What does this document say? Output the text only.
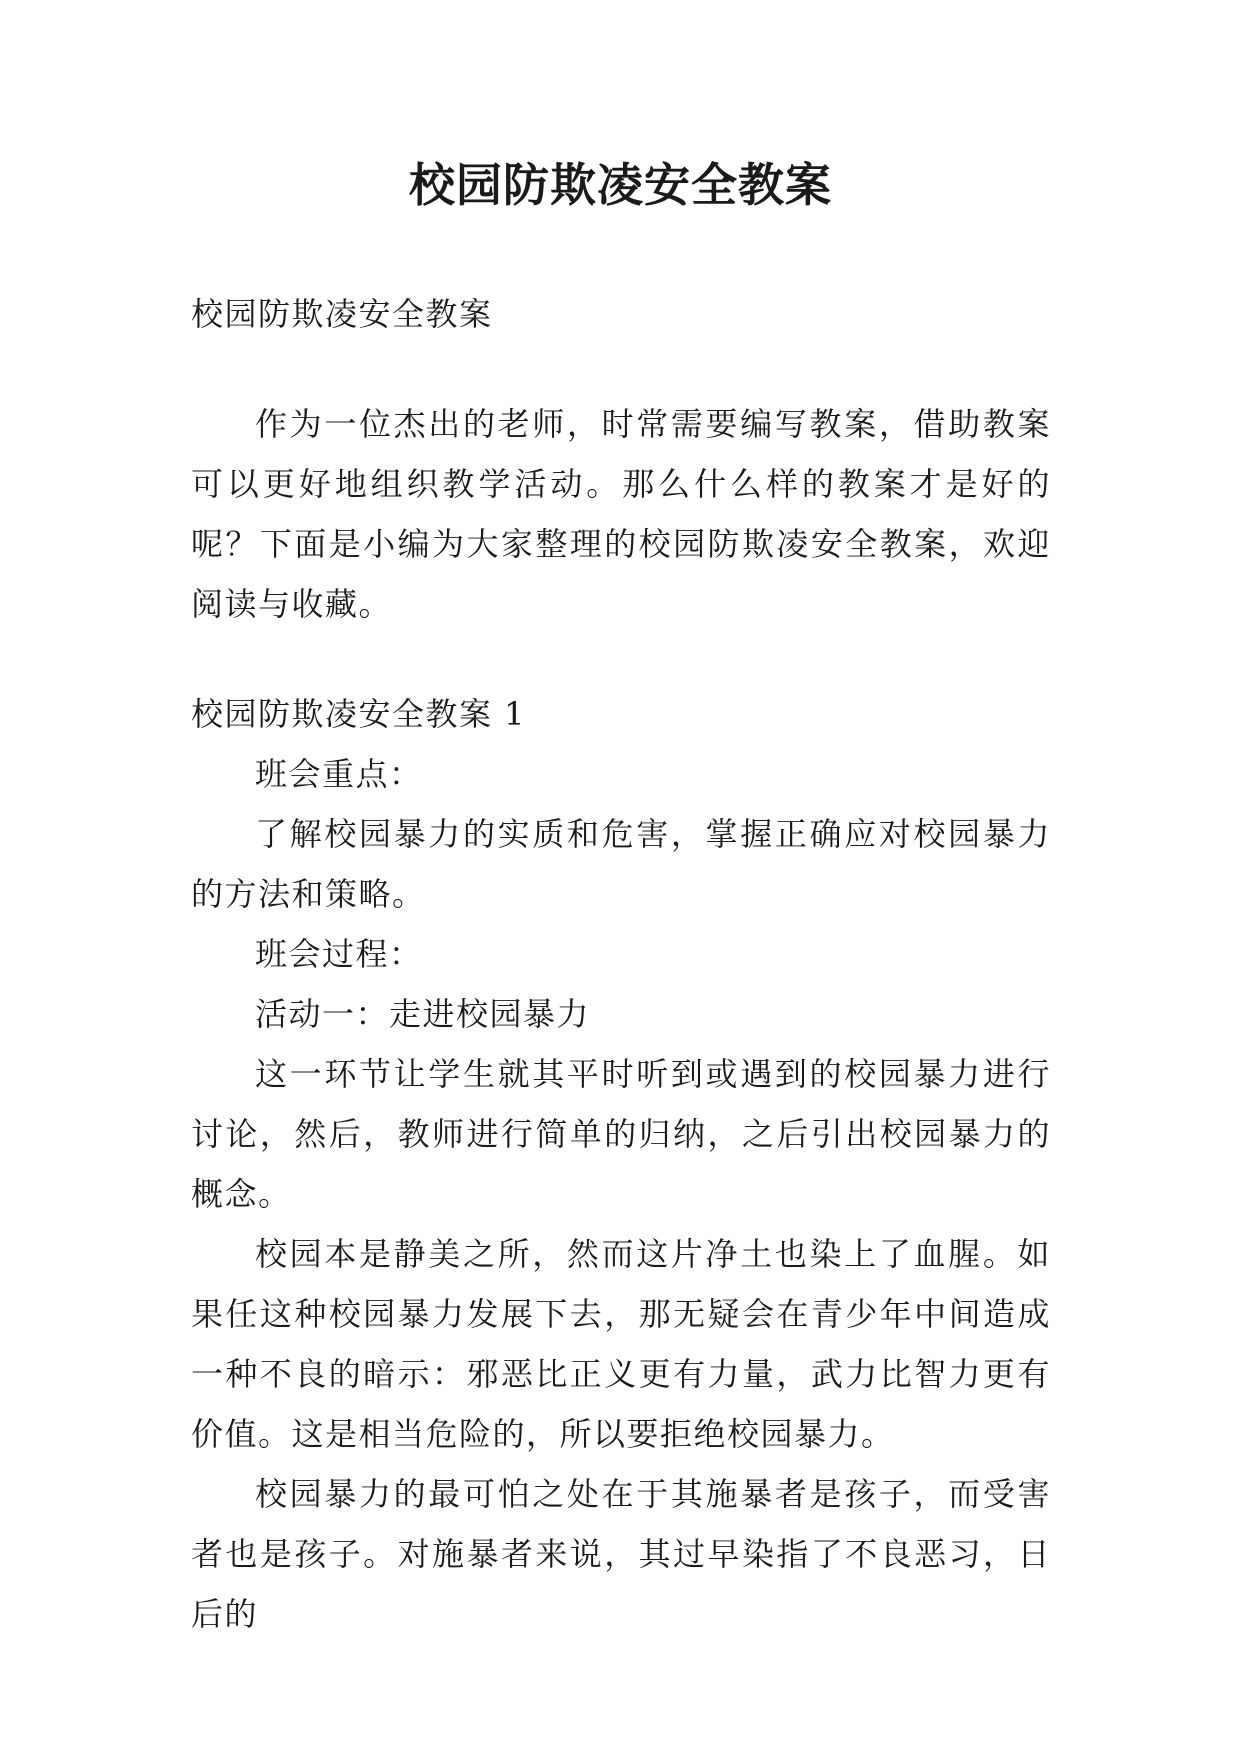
校园防欺凌安全教案

校园防欺凌安全教案

作为一位杰出的老师，时常需要编写教案，借助教案可以更好地组织教学活动。那么什么样的教案才是好的呢？下面是小编为大家整理的校园防欺凌安全教案，欢迎阅读与收藏。

校园防欺凌安全教案 1

班会重点：

了解校园暴力的实质和危害，掌握正确应对校园暴力的方法和策略。

班会过程：

活动一：走进校园暴力

这一环节让学生就其平时听到或遇到的校园暴力进行讨论，然后，教师进行简单的归纳，之后引出校园暴力的概念。

校园本是静美之所，然而这片净土也染上了血腥。如果任这种校园暴力发展下去，那无疑会在青少年中间造成一种不良的暗示：邪恶比正义更有力量，武力比智力更有价值。这是相当危险的，所以要拒绝校园暴力。

校园暴力的最可怕之处在于其施暴者是孩子，而受害者也是孩子。对施暴者来说，其过早染指了不良恶习，日后的
